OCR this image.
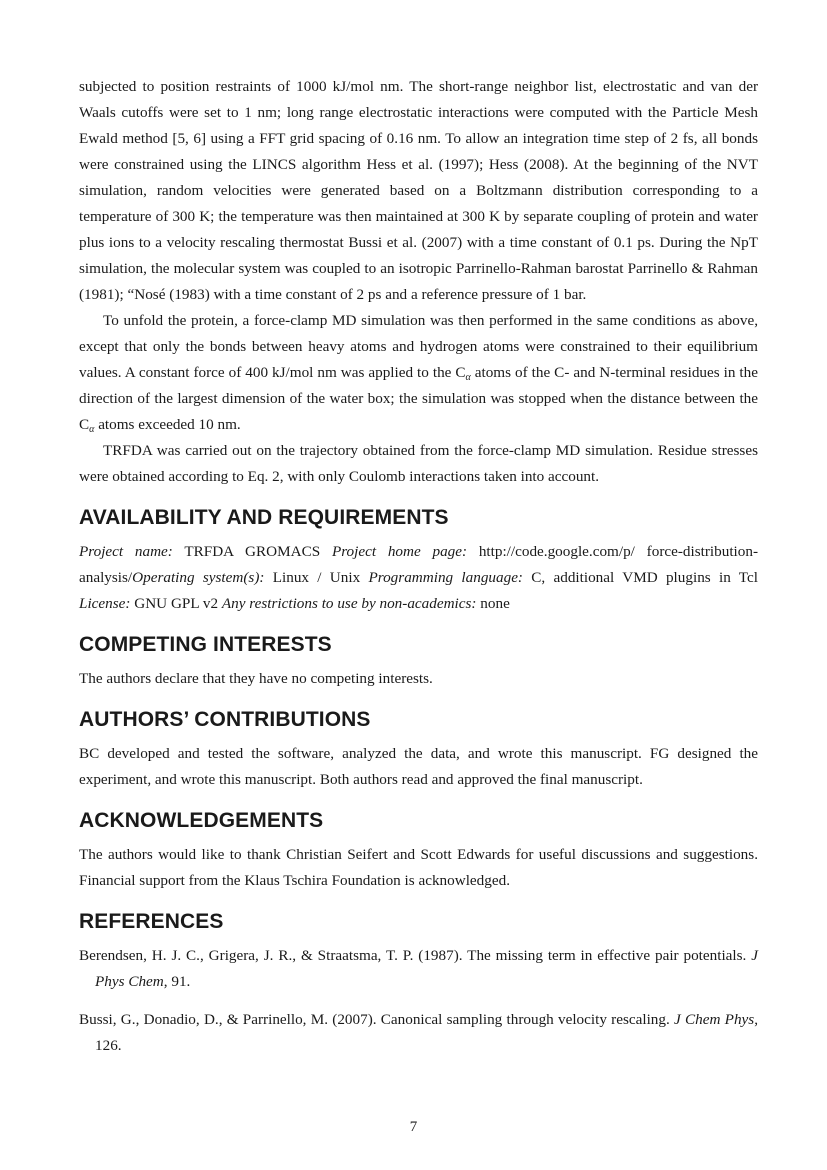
subjected to position restraints of 1000 kJ/mol nm. The short-range neighbor list, electrostatic and van der Waals cutoffs were set to 1 nm; long range electrostatic interactions were computed with the Particle Mesh Ewald method [5, 6] using a FFT grid spacing of 0.16 nm. To allow an integration time step of 2 fs, all bonds were constrained using the LINCS algorithm Hess et al. (1997); Hess (2008). At the beginning of the NVT simulation, random velocities were generated based on a Boltzmann distribution corresponding to a temperature of 300 K; the temperature was then maintained at 300 K by separate coupling of protein and water plus ions to a velocity rescaling thermostat Bussi et al. (2007) with a time constant of 0.1 ps. During the NpT simulation, the molecular system was coupled to an isotropic Parrinello-Rahman barostat Parrinello & Rahman (1981); “Nosé (1983) with a time constant of 2 ps and a reference pressure of 1 bar.

To unfold the protein, a force-clamp MD simulation was then performed in the same conditions as above, except that only the bonds between heavy atoms and hydrogen atoms were constrained to their equilibrium values. A constant force of 400 kJ/mol nm was applied to the $C_\alpha$ atoms of the C- and N-terminal residues in the direction of the largest dimension of the water box; the simulation was stopped when the distance between the $C_\alpha$ atoms exceeded 10 nm.

TRFDA was carried out on the trajectory obtained from the force-clamp MD simulation. Residue stresses were obtained according to Eq. 2, with only Coulomb interactions taken into account.

AVAILABILITY AND REQUIREMENTS

Project name: TRFDA GROMACS Project home page: http://code.google.com/p/ force-distribution-analysis/Operating system(s): Linux / Unix Programming language: C, additional VMD plugins in Tcl License: GNU GPL v2 Any restrictions to use by non-academics: none

COMPETING INTERESTS

The authors declare that they have no competing interests.

AUTHORS’ CONTRIBUTIONS

BC developed and tested the software, analyzed the data, and wrote this manuscript. FG designed the experiment, and wrote this manuscript. Both authors read and approved the final manuscript.

ACKNOWLEDGEMENTS

The authors would like to thank Christian Seifert and Scott Edwards for useful discussions and suggestions. Financial support from the Klaus Tschira Foundation is acknowledged.

REFERENCES

Berendsen, H. J. C., Grigera, J. R., & Straatsma, T. P. (1987). The missing term in effective pair potentials. J Phys Chem, 91.

Bussi, G., Donadio, D., & Parrinello, M. (2007). Canonical sampling through velocity rescaling. J Chem Phys, 126.

7
